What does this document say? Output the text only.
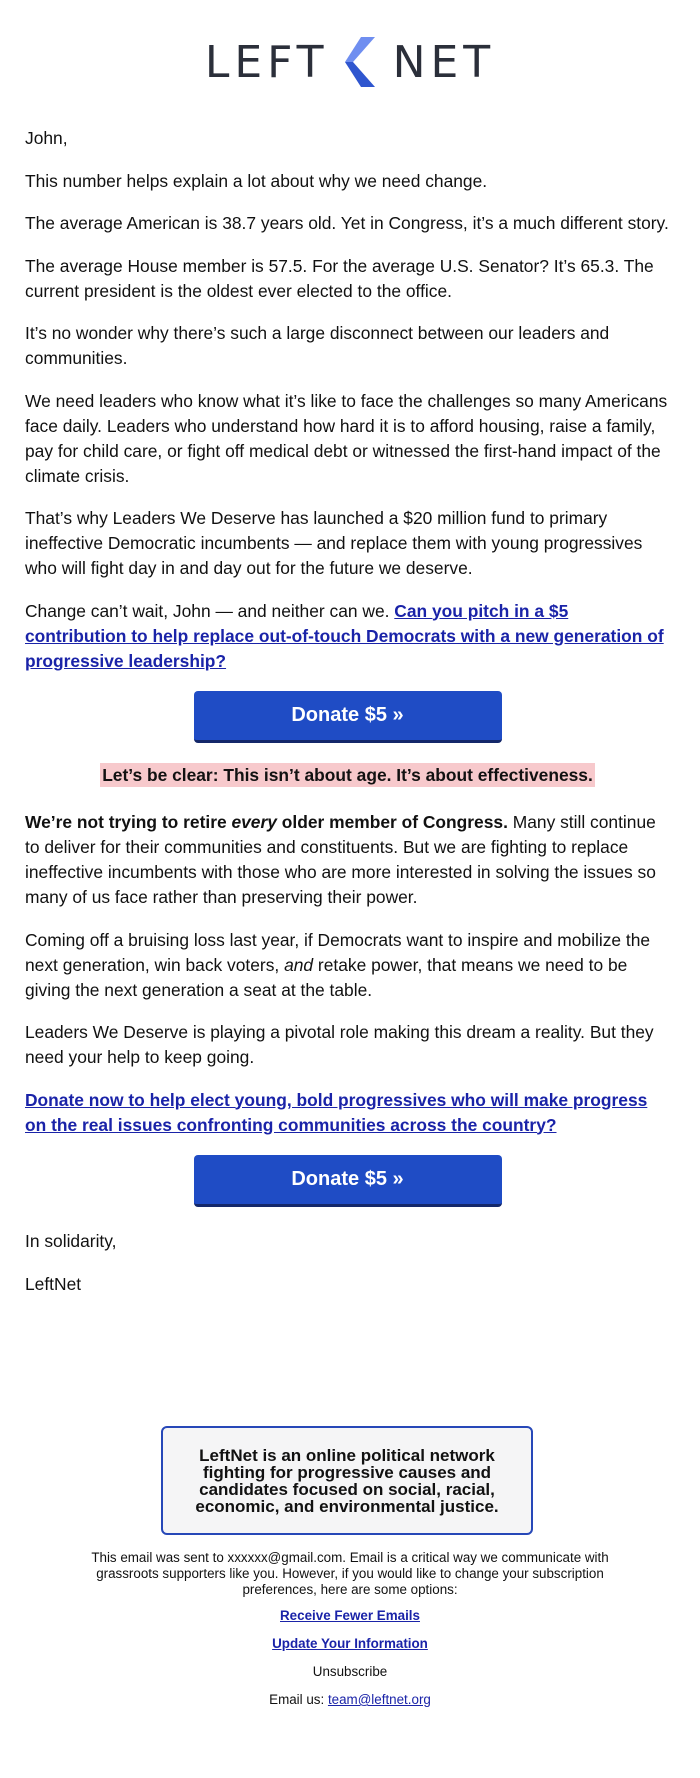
LEFT NET

John,

This number helps explain a lot about why we need change.

The average American is 38.7 years old. Yet in Congress, it’s a much different story.

The average House member is 57.5. For the average U.S. Senator? It’s 65.3. The current president is the oldest ever elected to the office.

It’s no wonder why there’s such a large disconnect between our leaders and communities.

We need leaders who know what it’s like to face the challenges so many Americans face daily. Leaders who understand how hard it is to afford housing, raise a family, pay for child care, or fight off medical debt or witnessed the first-hand impact of the climate crisis.

That’s why Leaders We Deserve has launched a $20 million fund to primary ineffective Democratic incumbents — and replace them with young progressives who will fight day in and day out for the future we deserve.

Change can’t wait, John — and neither can we. Can you pitch in a $5 contribution to help replace out-of-touch Democrats with a new generation of progressive leadership?

Donate $5 »
Let’s be clear: This isn’t about age. It’s about effectiveness.

We’re not trying to retire every older member of Congress. Many still continue to deliver for their communities and constituents. But we are fighting to replace ineffective incumbents with those who are more interested in solving the issues so many of us face rather than preserving their power.

Coming off a bruising loss last year, if Democrats want to inspire and mobilize the next generation, win back voters, and retake power, that means we need to be giving the next generation a seat at the table.

Leaders We Deserve is playing a pivotal role making this dream a reality. But they need your help to keep going.

Donate now to help elect young, bold progressives who will make progress on the real issues confronting communities across the country?

Donate $5 »

In solidarity,

LeftNet

LeftNet is an online political network fighting for progressive causes and candidates focused on social, racial, economic, and environmental justice.
This email was sent to xxxxxx@gmail.com. Email is a critical way we communicate with grassroots supporters like you. However, if you would like to change your subscription preferences, here are some options:
Receive Fewer Emails
Update Your Information
Unsubscribe
Email us: team@leftnet.org
